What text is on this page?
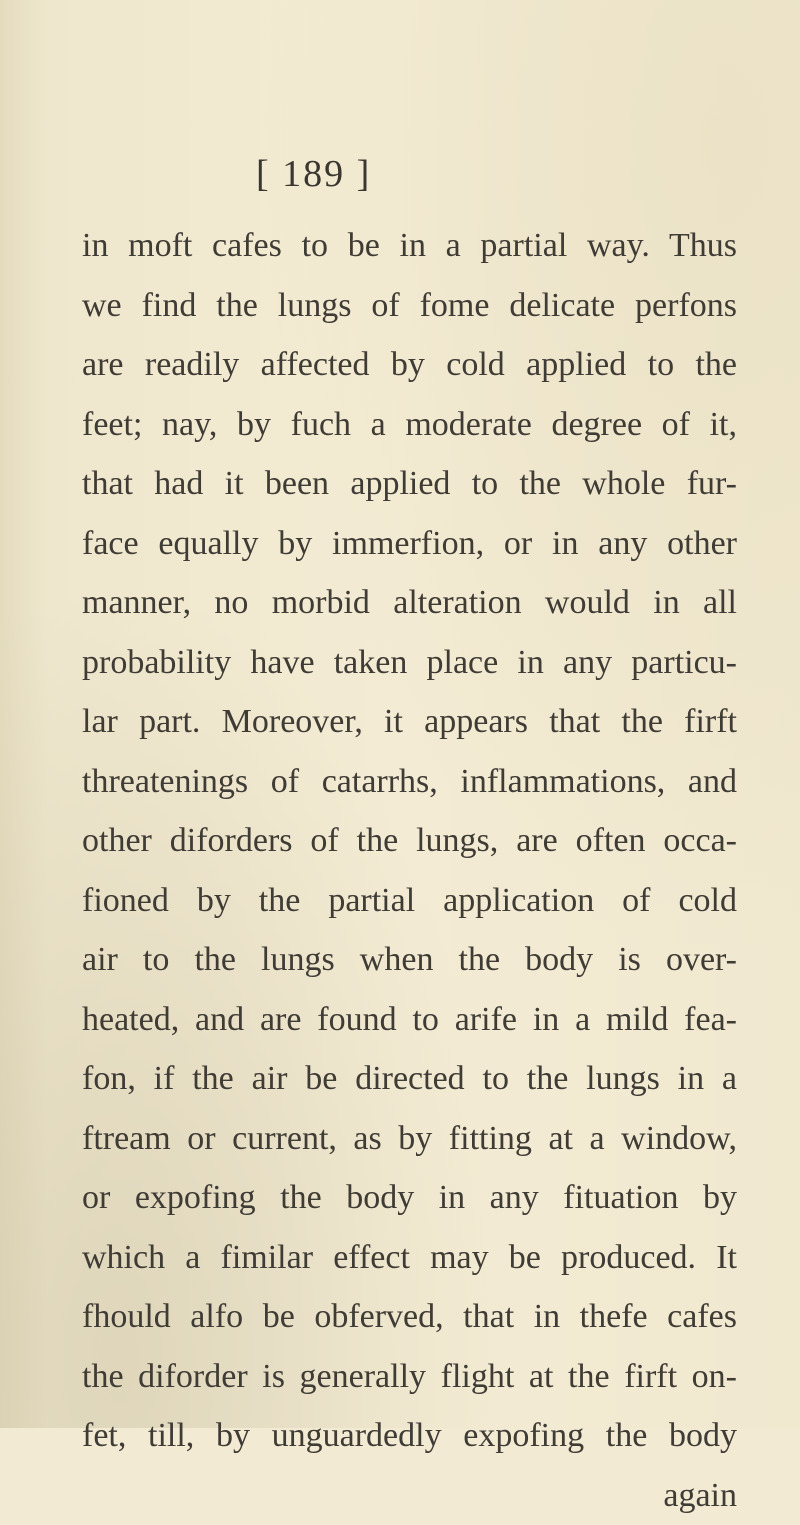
[ 189 ]
in moft cafes to be in a partial way. Thus
we find the lungs of fome delicate perfons
are readily affected by cold applied to the
feet; nay, by fuch a moderate degree of it,
that had it been applied to the whole fur-
face equally by immerfion, or in any other
manner, no morbid alteration would in all
probability have taken place in any particu-
lar part. Moreover, it appears that the firft
threatenings of catarrhs, inflammations, and
other diforders of the lungs, are often occa-
fioned by the partial application of cold
air to the lungs when the body is over-
heated, and are found to arife in a mild fea-
fon, if the air be directed to the lungs in a
ftream or current, as by fitting at a window,
or expofing the body in any fituation by
which a fimilar effect may be produced. It
fhould alfo be obferved, that in thefe cafes
the diforder is generally flight at the firft on-
fet, till, by unguardedly expofing the body
again
